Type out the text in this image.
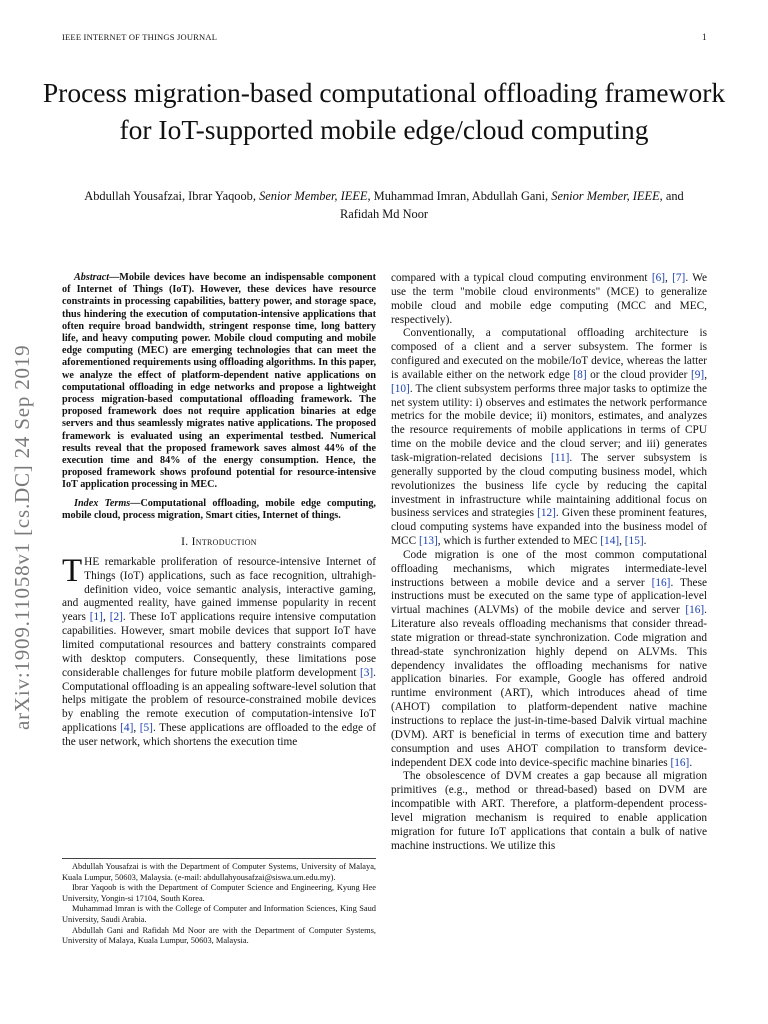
IEEE INTERNET OF THINGS JOURNAL	1
Process migration-based computational offloading framework for IoT-supported mobile edge/cloud computing
Abdullah Yousafzai, Ibrar Yaqoob, Senior Member, IEEE, Muhammad Imran, Abdullah Gani, Senior Member, IEEE, and Rafidah Md Noor
arXiv:1909.11058v1 [cs.DC] 24 Sep 2019

Abstract—Mobile devices have become an indispensable component of Internet of Things (IoT). However, these devices have resource constraints in processing capabilities, battery power, and storage space, thus hindering the execution of computation-intensive applications that often require broad bandwidth, stringent response time, long battery life, and heavy computing power. Mobile cloud computing and mobile edge computing (MEC) are emerging technologies that can meet the aforementioned requirements using offloading algorithms. In this paper, we analyze the effect of platform-dependent native applications on computational offloading in edge networks and propose a lightweight process migration-based computational offloading framework. The proposed framework does not require application binaries at edge servers and thus seamlessly migrates native applications. The proposed framework is evaluated using an experimental testbed. Numerical results reveal that the proposed framework saves almost 44% of the execution time and 84% of the energy consumption. Hence, the proposed framework shows profound potential for resource-intensive IoT application processing in MEC.

Index Terms—Computational offloading, mobile edge computing, mobile cloud, process migration, Smart cities, Internet of things.

I. Introduction

THE remarkable proliferation of resource-intensive Internet of Things (IoT) applications, such as face recognition, ultrahigh-definition video, voice semantic analysis, interactive gaming, and augmented reality, have gained immense popularity in recent years [1], [2]. These IoT applications require intensive computation capabilities. However, smart mobile devices that support IoT have limited computational resources and battery constraints compared with desktop computers. Consequently, these limitations pose considerable challenges for future mobile platform development [3]. Computational offloading is an appealing software-level solution that helps mitigate the problem of resource-constrained mobile devices by enabling the remote execution of computation-intensive IoT applications [4], [5]. These applications are offloaded to the edge of the user network, which shortens the execution time

Abdullah Yousafzai is with the Department of Computer Systems, University of Malaya, Kuala Lumpur, 50603, Malaysia. (e-mail: abdullahyousafzai@siswa.um.edu.my).

Ibrar Yaqoob is with the Department of Computer Science and Engineering, Kyung Hee University, Yongin-si 17104, South Korea.

Muhammad Imran is with the College of Computer and Information Sciences, King Saud University, Saudi Arabia.

Abdullah Gani and Rafidah Md Noor are with the Department of Computer Systems, University of Malaya, Kuala Lumpur, 50603, Malaysia.

compared with a typical cloud computing environment [6], [7]. We use the term "mobile cloud environments" (MCE) to generalize mobile cloud and mobile edge computing (MCC and MEC, respectively).

Conventionally, a computational offloading architecture is composed of a client and a server subsystem. The former is configured and executed on the mobile/IoT device, whereas the latter is available either on the network edge [8] or the cloud provider [9], [10]. The client subsystem performs three major tasks to optimize the net system utility: i) observes and estimates the network performance metrics for the mobile device; ii) monitors, estimates, and analyzes the resource requirements of mobile applications in terms of CPU time on the mobile device and the cloud server; and iii) generates task-migration-related decisions [11]. The server subsystem is generally supported by the cloud computing business model, which revolutionizes the business life cycle by reducing the capital investment in infrastructure while maintaining additional focus on business services and strategies [12]. Given these prominent features, cloud computing systems have expanded into the business model of MCC [13], which is further extended to MEC [14], [15].

Code migration is one of the most common computational offloading mechanisms, which migrates intermediate-level instructions between a mobile device and a server [16]. These instructions must be executed on the same type of application-level virtual machines (ALVMs) of the mobile device and server [16]. Literature also reveals offloading mechanisms that consider thread-state migration or thread-state synchronization. Code migration and thread-state synchronization highly depend on ALVMs. This dependency invalidates the offloading mechanisms for native application binaries. For example, Google has offered android runtime environment (ART), which introduces ahead of time (AHOT) compilation to platform-dependent native machine instructions to replace the just-in-time-based Dalvik virtual machine (DVM). ART is beneficial in terms of execution time and battery consumption and uses AHOT compilation to transform device-independent DEX code into device-specific machine binaries [16].

The obsolescence of DVM creates a gap because all migration primitives (e.g., method or thread-based) based on DVM are incompatible with ART. Therefore, a platform-dependent process-level migration mechanism is required to enable application migration for future IoT applications that contain a bulk of native machine instructions. We utilize this
